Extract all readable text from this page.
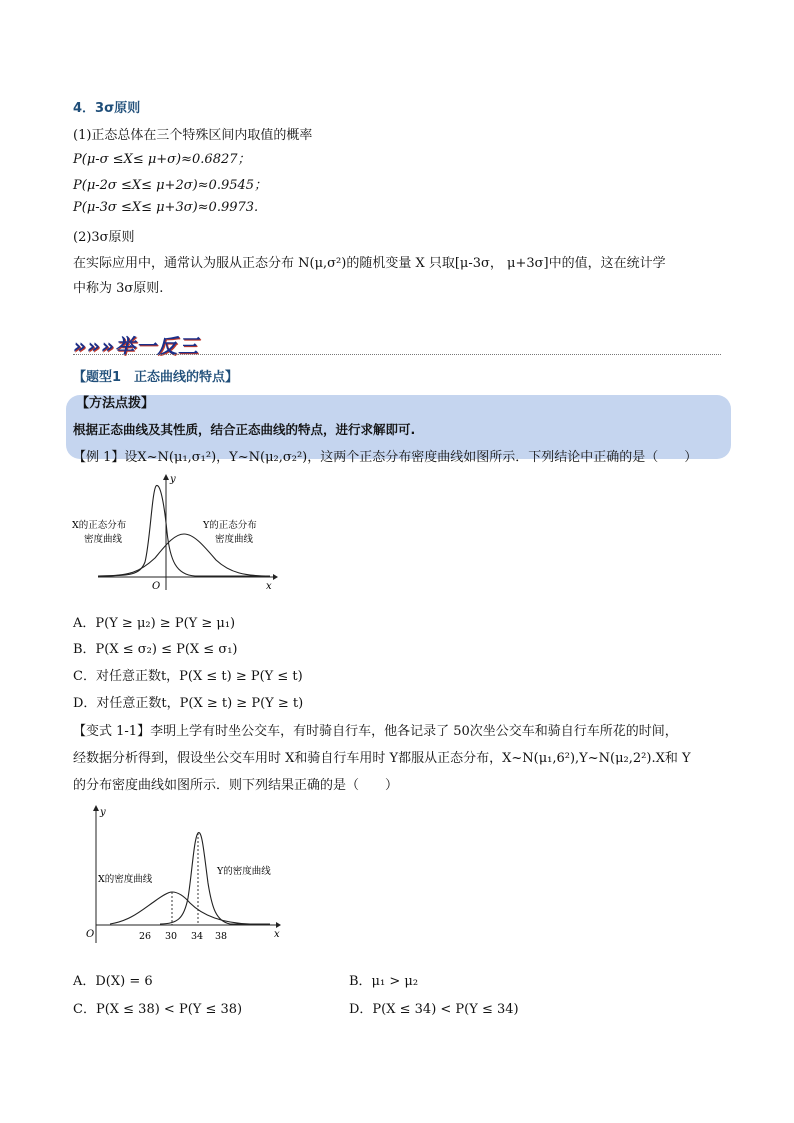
4．3σ原则
(1)正态总体在三个特殊区间内取值的概率
P(μ-σ ≤X≤ μ+σ)≈0.6827；
P(μ-2σ ≤X≤ μ+2σ)≈0.9545；
P(μ-3σ ≤X≤ μ+3σ)≈0.9973.
(2)3σ原则
在实际应用中，通常认为服从正态分布 N(μ,σ²)的随机变量 X 只取[μ-3σ， μ+3σ]中的值，这在统计学
中称为 3σ原则.
»»»举一反三
【题型1　正态曲线的特点】
【方法点拨】
根据正态曲线及其性质，结合正态曲线的特点，进行求解即可.
【例 1】设X~N(μ₁,σ₁²)，Y~N(μ₂,σ₂²)，这两个正态分布密度曲线如图所示．下列结论中正确的是（　　）
y
x
O
X的正态分布
密度曲线
Y的正态分布
密度曲线
A．P(Y ≥ μ₂) ≥ P(Y ≥ μ₁)
B．P(X ≤ σ₂) ≤ P(X ≤ σ₁)
C．对任意正数t，P(X ≤ t) ≥ P(Y ≤ t)
D．对任意正数t，P(X ≥ t) ≥ P(Y ≥ t)
【变式 1-1】李明上学有时坐公交车，有时骑自行车，他各记录了 50次坐公交车和骑自行车所花的时间，
经数据分析得到，假设坐公交车用时 X和骑自行车用时 Y都服从正态分布，X~N(μ₁,6²),Y~N(μ₂,2²).X和 Y
的分布密度曲线如图所示．则下列结果正确的是（　　）
26 30 34 38
y
x
O
X的密度曲线
Y的密度曲线
A．D(X) = 6	B．μ₁ > μ₂
C．P(X ≤ 38) < P(Y ≤ 38)	D．P(X ≤ 34) < P(Y ≤ 34)
